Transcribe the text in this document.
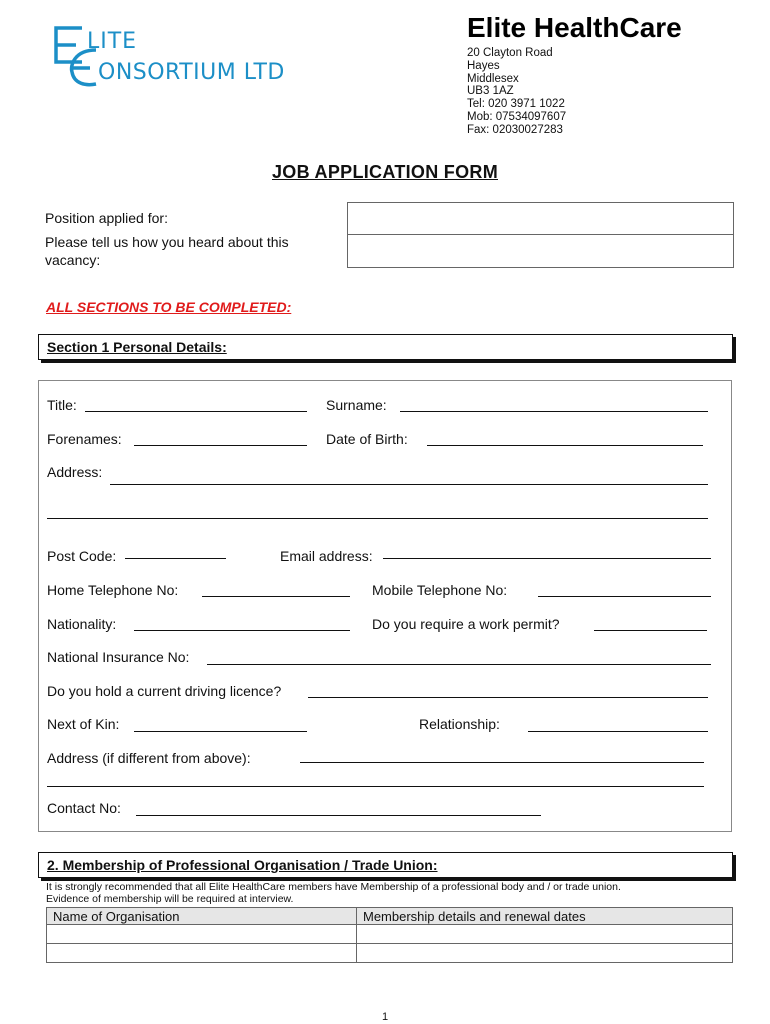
LITE
ONSORTIUM LTD
Elite HealthCare
20 Clayton Road
Hayes
Middlesex
UB3 1AZ
Tel: 020 3971 1022
Mob: 07534097607
Fax: 02030027283
JOB APPLICATION FORM
Position applied for:
Please tell us how you heard about this
vacancy:
ALL SECTIONS TO BE COMPLETED:
Section 1 Personal Details:
Title:	Surname:
Forenames:	Date of Birth:
Address:
Post Code:	Email address:
Home Telephone No:	Mobile Telephone No:
Nationality:	Do you require a work permit?
National Insurance No:
Do you hold a current driving licence?
Next of Kin:	Relationship:
Address (if different from above):
Contact No:
2. Membership of Professional Organisation / Trade Union:
It is strongly recommended that all Elite HealthCare members have Membership of a professional body and / or trade union.
Evidence of membership will be required at interview.
Name of Organisation	Membership details and renewal dates

1
